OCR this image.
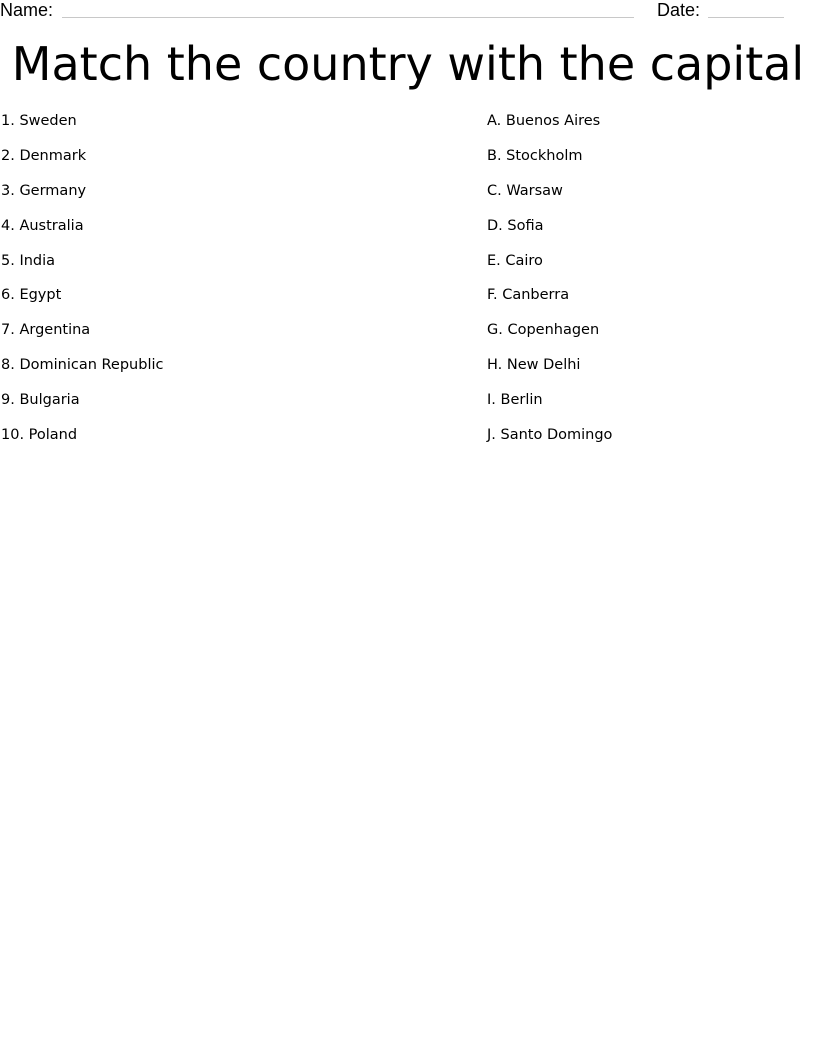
Name:	Date:
Match the country with the capital
1. Sweden
2. Denmark
3. Germany
4. Australia
5. India
6. Egypt
7. Argentina
8. Dominican Republic
9. Bulgaria
10. Poland
A. Buenos Aires
B. Stockholm
C. Warsaw
D. Sofia
E. Cairo
F. Canberra
G. Copenhagen
H. New Delhi
I. Berlin
J. Santo Domingo
